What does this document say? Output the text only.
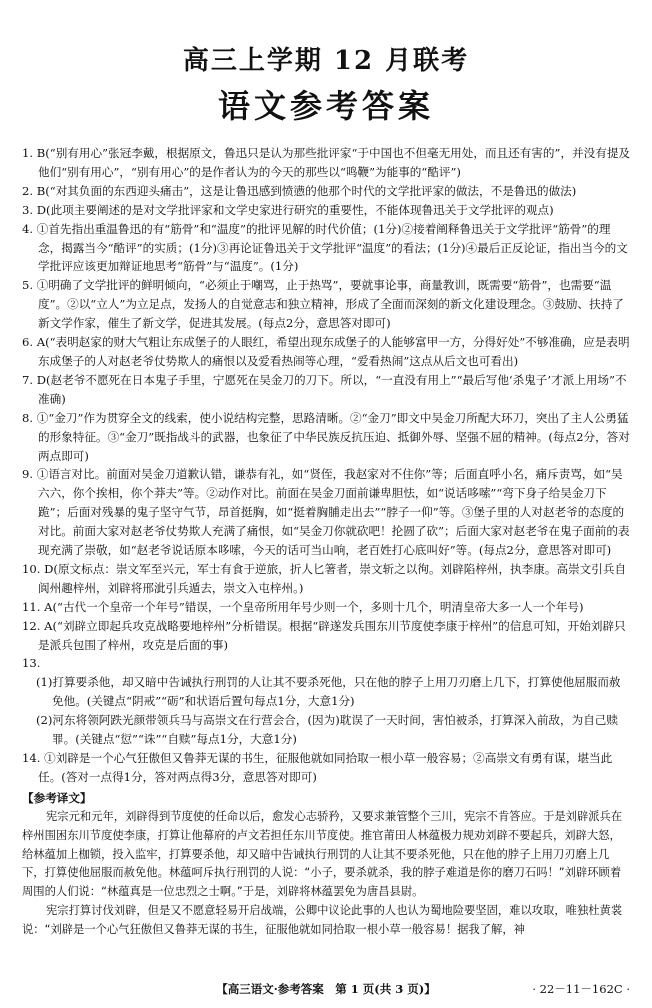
高三上学期 12 月联考
语文参考答案

1. B(“别有用心”张冠李戴，根据原文，鲁迅只是认为那些批评家“于中国也不但毫无用处，而且还有害的”，并没有提及他们“别有用心”，“别有用心”的是作者认为的今天的那些以“鸣鞭”为能事的“酷评”)

2. B(“对其负面的东西迎头痛击”，这是让鲁迅感到愤懑的他那个时代的文学批评家的做法，不是鲁迅的做法)

3. D(此项主要阐述的是对文学批评家和文学史家进行研究的重要性，不能体现鲁迅关于文学批评的观点)

4. ①首先指出重温鲁迅的有“筋骨”和“温度”的批评见解的时代价值；(1分)②接着阐释鲁迅关于文学批评“筋骨”的理念，揭露当今“酷评”的实质；(1分)③再论证鲁迅关于文学批评“温度”的看法；(1分)④最后正反论证，指出当今的文学批评应该更加辩证地思考“筋骨”与“温度”。(1分)

5. ①明确了文学批评的鲜明倾向，“必须止于嘲骂，止于热骂”，要就事论事，商量教训，既需要“筋骨”，也需要“温度”。②以“立人”为立足点，发扬人的自觉意志和独立精神，形成了全面而深刻的新文化建设理念。③鼓励、扶持了新文学作家，催生了新文学，促进其发展。(每点2分，意思答对即可)

6. A(“表明赵家的财大气粗让东成堡子的人眼红，希望出现东成堡子的人能够富甲一方，分得好处”不够准确，应是表明东成堡子的人对赵老爷仗势欺人的痛恨以及爱看热闹等心理，“爱看热闹”这点从后文也可看出)

7. D(赵老爷不愿死在日本鬼子手里，宁愿死在吴金刀的刀下。所以，“一直没有用上”“最后写他‘杀鬼子’才派上用场”不准确)

8. ①“金刀”作为贯穿全文的线索，使小说结构完整，思路清晰。②“金刀”即文中吴金刀所配大环刀，突出了主人公勇猛的形象特征。③“金刀”既指战斗的武器，也象征了中华民族反抗压迫、抵御外辱、坚强不屈的精神。(每点2分，答对两点即可)

9. ①语言对比。前面对吴金刀道歉认错，谦恭有礼，如“贤侄，我赵家对不住你”等；后面直呼小名，痛斥责骂，如“吴六六，你个挨相，你个莽夫”等。②动作对比。前面在吴金刀面前谦卑胆怯，如“说话哆嗦”“弯下身子给吴金刀下跪”；后面对残暴的鬼子坚守气节，昂首挺胸，如“挺着胸脯走出去”“脖子一仰”等。③堡子里的人对赵老爷的态度的对比。前面大家对赵老爷仗势欺人充满了痛恨，如“吴金刀你就砍吧！抡圆了砍”；后面大家对赵老爷在鬼子面前的表现充满了崇敬，如“赵老爷说话原本哆嗦，今天的话可当山响，老百姓打心底叫好”等。(每点2分，意思答对即可)

10. D(原文标点：崇文军至兴元，军士有食于逆旅，折人匕箸者，崇文斩之以徇。刘辟陷梓州，执李康。高崇文引兵自阆州趣梓州，刘辟将邢泚引兵遁去，崇文入屯梓州。)

11. A(“古代一个皇帝一个年号”错误，一个皇帝所用年号少则一个，多则十几个，明清皇帝大多一人一个年号)

12. A(“刘辟立即起兵攻克战略要地梓州”分析错误。根据“辟遂发兵围东川节度使李康于梓州”的信息可知，开始刘辟只是派兵包围了梓州，攻克是后面的事)

13.

(1)打算要杀他，却又暗中告诫执行刑罚的人让其不要杀死他，只在他的脖子上用刀刃磨上几下，打算使他屈服而赦免他。(关键点“阴戒”“砺”和状语后置句每点1分，大意1分)

(2)河东将领阿跌光颜带领兵马与高崇文在行营会合，(因为)耽误了一天时间，害怕被杀，打算深入前敌，为自己赎罪。(关键点“愆”“诛”“自赎”每点1分，大意1分)

14. ①刘辟是一个心气狂傲但又鲁莽无谋的书生，征服他就如同拾取一根小草一般容易；②高崇文有勇有谋，堪当此任。(答对一点得1分，答对两点得3分，意思答对即可)

【参考译文】

宪宗元和元年，刘辟得到节度使的任命以后，愈发心志骄矜，又要求兼管整个三川，宪宗不肯答应。于是刘辟派兵在梓州围困东川节度使李康，打算让他幕府的卢文若担任东川节度使。推官莆田人林蕴极力规劝刘辟不要起兵，刘辟大怒，给林蕴加上枷锁，投入监牢，打算要杀他，却又暗中告诫执行刑罚的人让其不要杀死他，只在他的脖子上用刀刃磨上几下，打算使他屈服而赦免他。林蕴呵斥执行刑罚的人说：“小子，要杀就杀，我的脖子难道是你的磨刀石吗！”刘辟环顾着周围的人们说：“林蕴真是一位忠烈之士啊。”于是，刘辟将林蕴罢免为唐昌县尉。

宪宗打算讨伐刘辟，但是又不愿意轻易开启战端，公卿中议论此事的人也认为蜀地险要坚固，难以攻取，唯独杜黄裳说：“刘辟是一个心气狂傲但又鲁莽无谋的书生，征服他就如同拾取一根小草一般容易！据我了解，神

【高三语文·参考答案　第 1 页(共 3 页)】	· 22－11－162C ·
